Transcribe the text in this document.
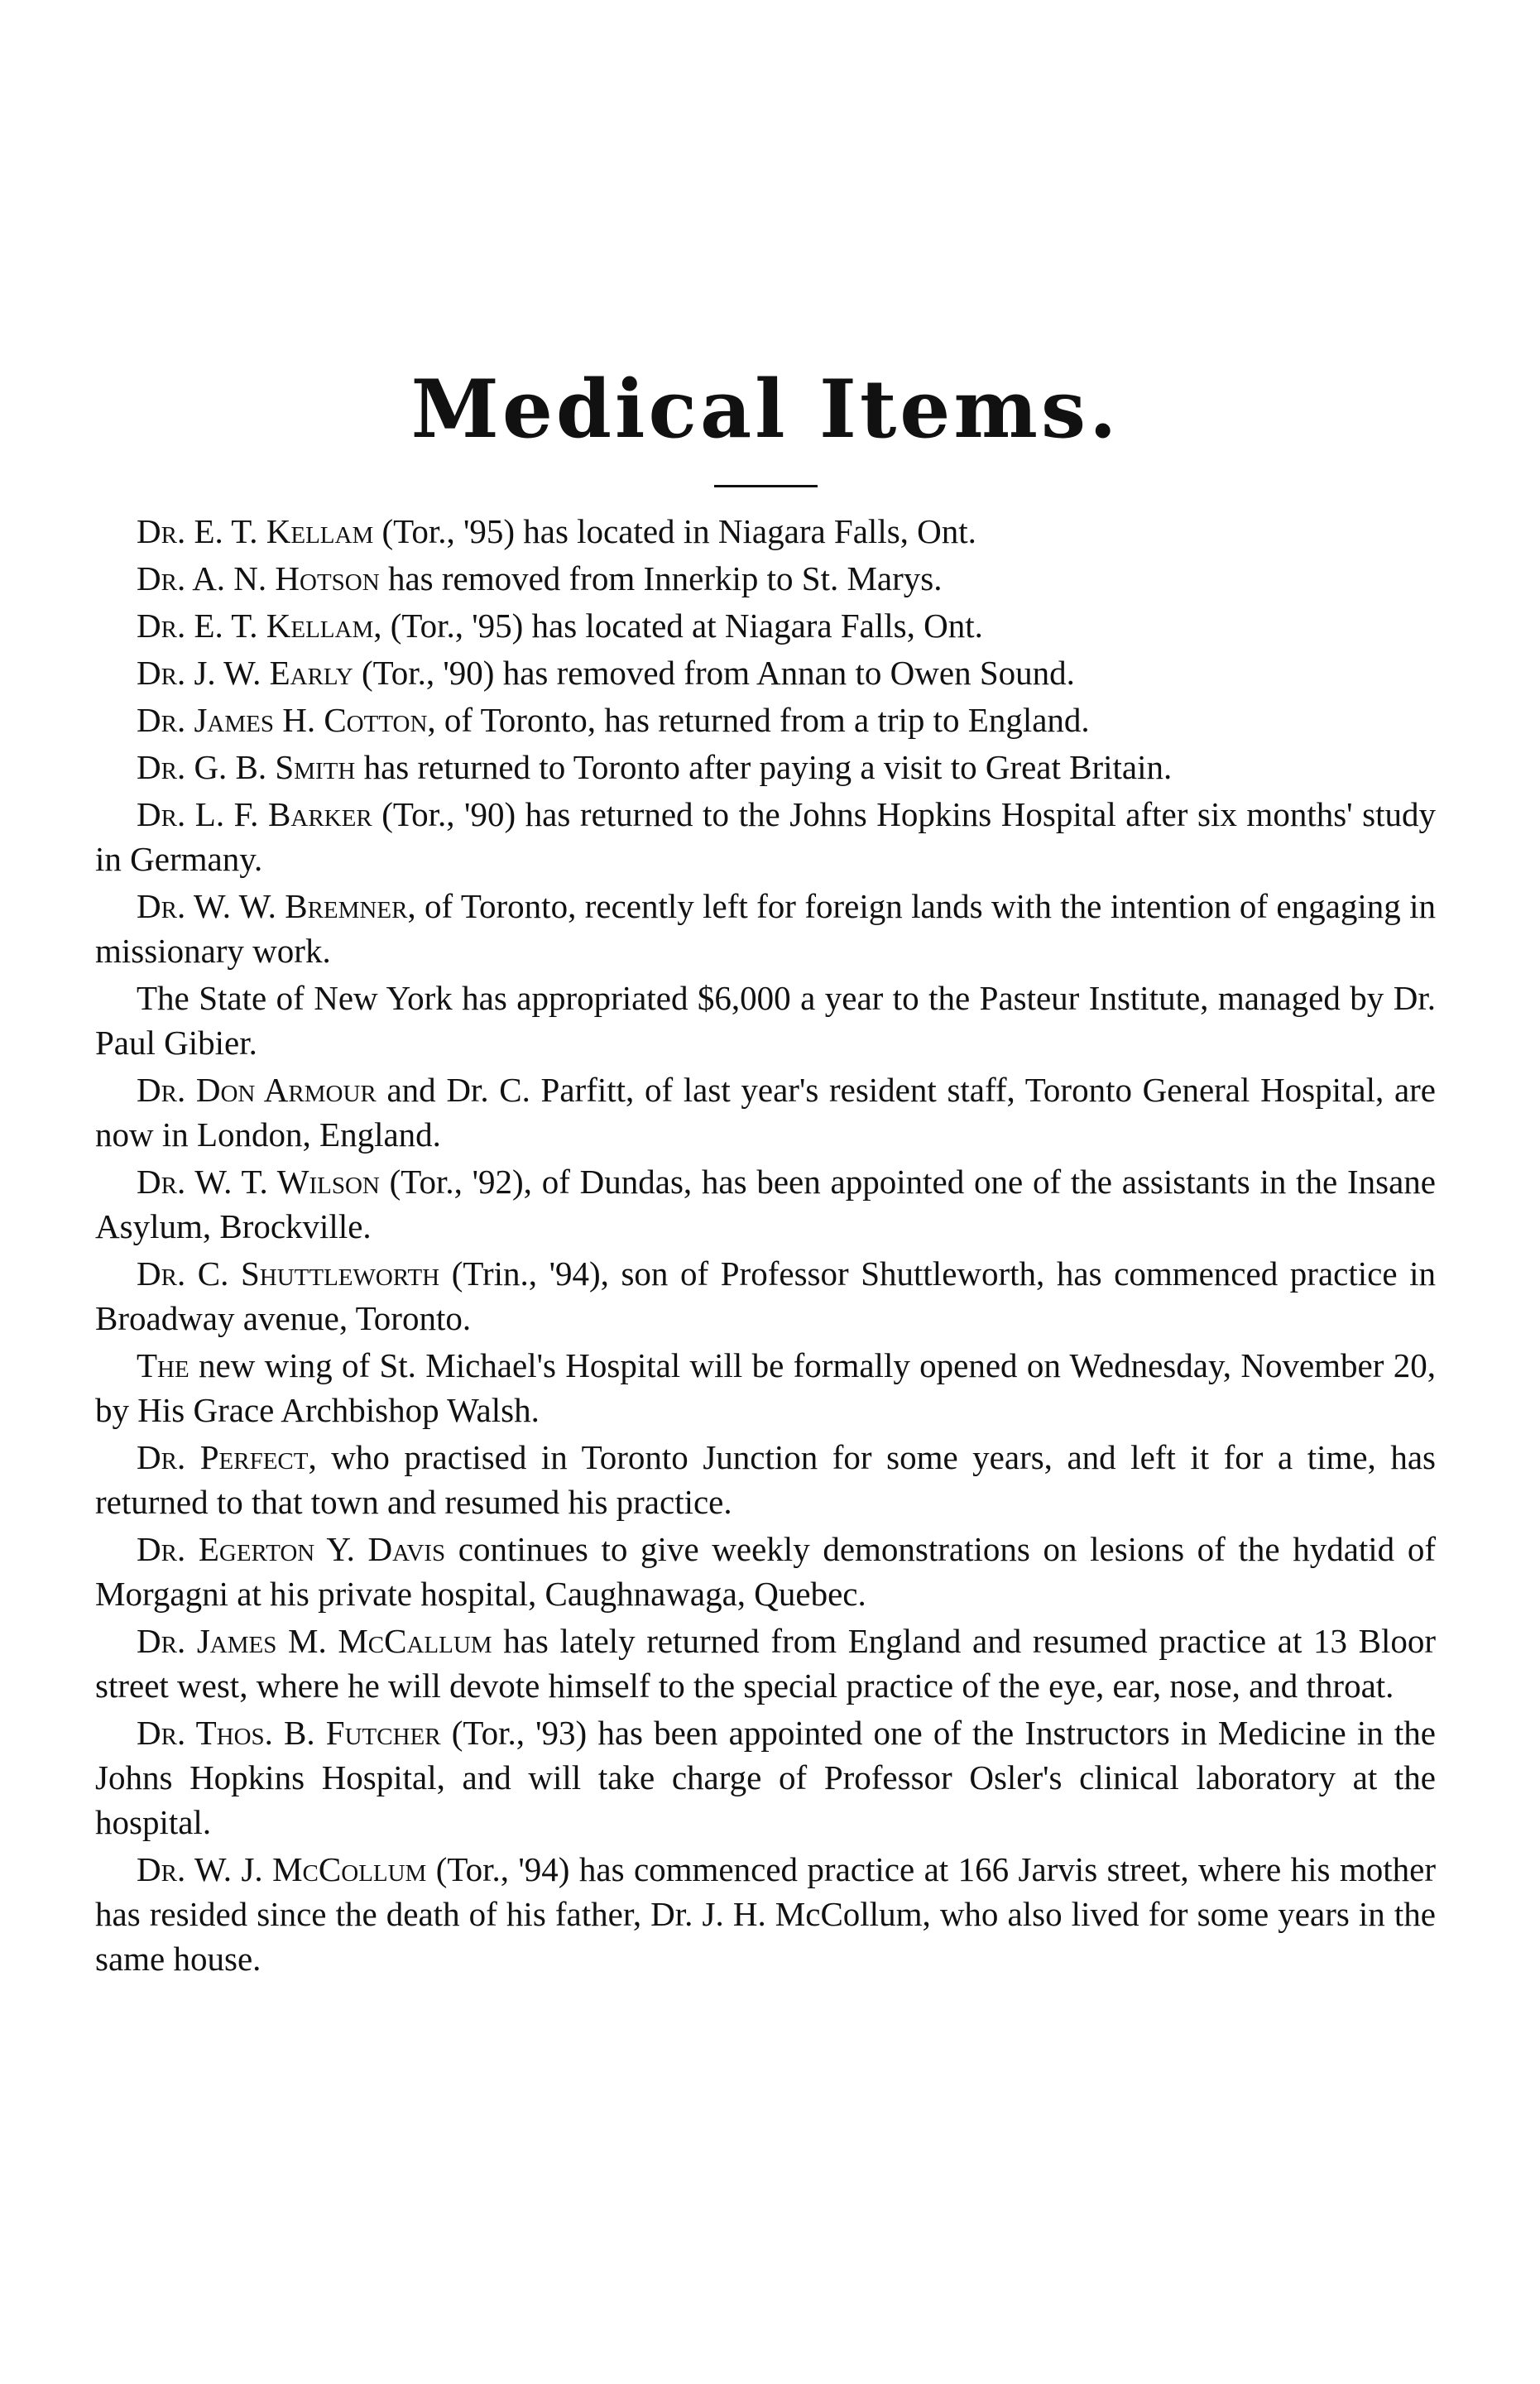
Medical Items.

Dr. E. T. Kellam (Tor., '95) has located in Niagara Falls, Ont.

Dr. A. N. Hotson has removed from Innerkip to St. Marys.

Dr. E. T. Kellam, (Tor., '95) has located at Niagara Falls, Ont.

Dr. J. W. Early (Tor., '90) has removed from Annan to Owen Sound.

Dr. James H. Cotton, of Toronto, has returned from a trip to England.

Dr. G. B. Smith has returned to Toronto after paying a visit to Great Britain.

Dr. L. F. Barker (Tor., '90) has returned to the Johns Hopkins Hospital after six months' study in Germany.

Dr. W. W. Bremner, of Toronto, recently left for foreign lands with the intention of engaging in missionary work.

The State of New York has appropriated $6,000 a year to the Pasteur Institute, managed by Dr. Paul Gibier.

Dr. Don Armour and Dr. C. Parfitt, of last year's resident staff, Toronto General Hospital, are now in London, England.

Dr. W. T. Wilson (Tor., '92), of Dundas, has been appointed one of the assistants in the Insane Asylum, Brockville.

Dr. C. Shuttleworth (Trin., '94), son of Professor Shuttleworth, has commenced practice in Broadway avenue, Toronto.

The new wing of St. Michael's Hospital will be formally opened on Wednesday, November 20, by His Grace Archbishop Walsh.

Dr. Perfect, who practised in Toronto Junction for some years, and left it for a time, has returned to that town and resumed his practice.

Dr. Egerton Y. Davis continues to give weekly demonstrations on lesions of the hydatid of Morgagni at his private hospital, Caughnawaga, Quebec.

Dr. James M. McCallum has lately returned from England and resumed practice at 13 Bloor street west, where he will devote himself to the special practice of the eye, ear, nose, and throat.

Dr. Thos. B. Futcher (Tor., '93) has been appointed one of the Instructors in Medicine in the Johns Hopkins Hospital, and will take charge of Professor Osler's clinical laboratory at the hospital.

Dr. W. J. McCollum (Tor., '94) has commenced practice at 166 Jarvis street, where his mother has resided since the death of his father, Dr. J. H. McCollum, who also lived for some years in the same house.
